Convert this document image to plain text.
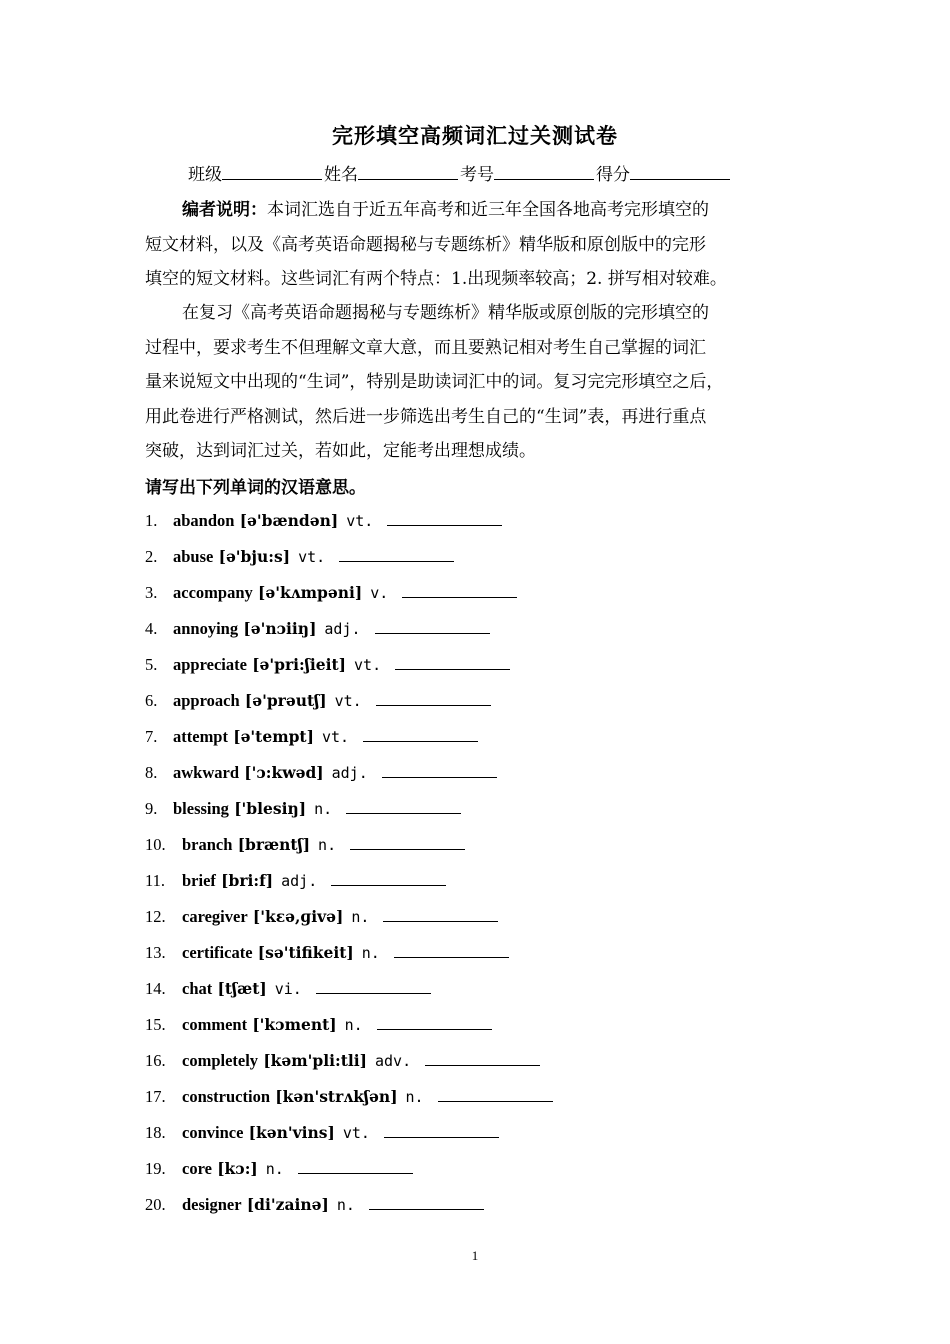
完形填空高频词汇过关测试卷
班级	姓名	考号	得分
编者说明：本词汇选自于近五年高考和近三年全国各地高考完形填空的
短文材料，以及《高考英语命题揭秘与专题练析》精华版和原创版中的完形
填空的短文材料。这些词汇有两个特点：1.出现频率较高；2. 拼写相对较难。
在复习《高考英语命题揭秘与专题练析》精华版或原创版的完形填空的
过程中，要求考生不但理解文章大意，而且要熟记相对考生自己掌握的词汇
量来说短文中出现的“生词”，特别是助读词汇中的词。复习完完形填空之后，
用此卷进行严格测试，然后进一步筛选出考生自己的“生词”表，再进行重点
突破，达到词汇过关，若如此，定能考出理想成绩。
请写出下列单词的汉语意思。
1. abandon [ə'bændən] vt.
2. abuse [ə'bju:s] vt.
3. accompany [ə'kʌmpəni] v.
4. annoying [ə'nɔiiŋ] adj.
5. appreciate [ə'pri:ʃieit] vt.
6. approach [ə'prəutʃ] vt.
7. attempt [ə'tempt] vt.
8. awkward ['ɔ:kwəd] adj.
9. blessing ['blesiŋ] n.
10. branch [bræntʃ] n.
11. brief [bri:f] adj.
12. caregiver ['kεə,ɡivə] n.
13. certificate [sə'tifikeit] n.
14. chat [tʃæt] vi.
15. comment ['kɔment] n.
16. completely [kəm'pli:tli] adv.
17. construction [kən'strʌkʃən] n.
18. convince [kən'vins] vt.
19. core [kɔ:] n.
20. designer [di'zainə] n.
1
